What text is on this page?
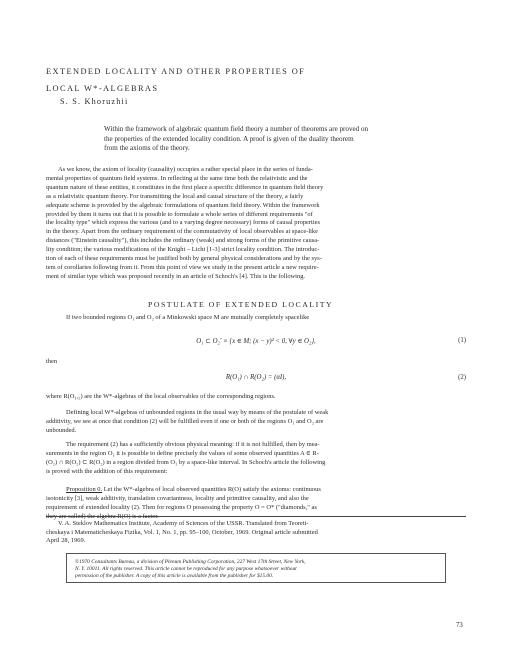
EXTENDED LOCALITY AND OTHER PROPERTIES OF
LOCAL W*-ALGEBRAS
S. S. Khoruzhii
Within the framework of algebraic quantum field theory a number of theorems are proved on
the properties of the extended locality condition. A proof is given of the duality theorem
from the axioms of the theory.
As we know, the axiom of locality (causality) occupies a rather special place in the series of funda-
mental properties of quantum field systems. In reflecting at the same time both the relativistic and the
quantum nature of these entities, it constitutes in the first place a specific difference in quantum field theory
as a relativistic quantum theory. For transmitting the local and causal structure of the theory, a fairly
adequate scheme is provided by the algebraic formulations of quantum field theory. Within the framework
provided by them it turns out that it is possible to formulate a whole series of different requirements "of
the locality type" which express the various (and to a varying degree necessary) forms of causal properties
in the theory. Apart from the ordinary requirement of the commutativity of local observables at space-like
distances ("Einstein causality"), this includes the ordinary (weak) and strong forms of the primitive causa-
lity condition; the various modifications of the Knight – Licht [1-3] strict locality condition. The introduc-
tion of each of these requirements must be justified both by general physical considerations and by the sys-
tem of corollaries following from it. From this point of view we study in the present article a new require-
ment of similar type which was proposed recently in an article of Schoch's [4]. This is the following.
POSTULATE OF EXTENDED LOCALITY
If two bounded regions O₁ and O₂ of a Minkowski space M are mutually completely spacelike
O₁ ⊂ O₂′ ≡ {x ∈ M; (x − y)² < 0, ∀y ∈ O₂},	(1)
then
R(O₁) ∩ R(O₂) = (αI),	(2)
where R(O₁,₂) are the W*-algebras of the local observables of the corresponding regions.
Defining local W*-algebras of unbounded regions in the usual way by means of the postulate of weak
additivity, we see at once that condition (2) will be fulfilled even if one or both of the regions O₁ and O₂ are
unbounded.
The requirement (2) has a sufficiently obvious physical meaning: if it is not fulfilled, then by mea-
surements in the region O₁ it is possible to define precisely the values of some observed quantities A ∈ R-
(O₂) ∩ R(O₂) ⊂ R(O₂) in a region divided from O₁ by a space-like interval. In Schoch's article the following
is proved with the addition of this requirement:
Proposition 0. Let the W*-algebra of local observed quantities R(O) satisfy the axioms: continuous
isotonicity [3], weak additivity, translation covariantness, locality and primitive causality, and also the
requirement of extended locality (2). Then for regions O possessing the property O = O* ("diamonds," as
they are called) the algebra R(O) is a factor.
V. A. Steklov Mathematics Institute, Academy of Sciences of the USSR. Translated from Teoreti-
cheskaya i Matematicheskaya Fizika, Vol. 1, No. 1, pp. 95–100, October, 1969. Original article submitted
April 28, 1969.
©1970 Consultants Bureau, a division of Plenum Publishing Corporation, 227 West 17th Street, New York,
N. Y. 10011. All rights reserved. This article cannot be reproduced for any purpose whatsoever without
permission of the publisher. A copy of this article is available from the publisher for $15.00.
73
